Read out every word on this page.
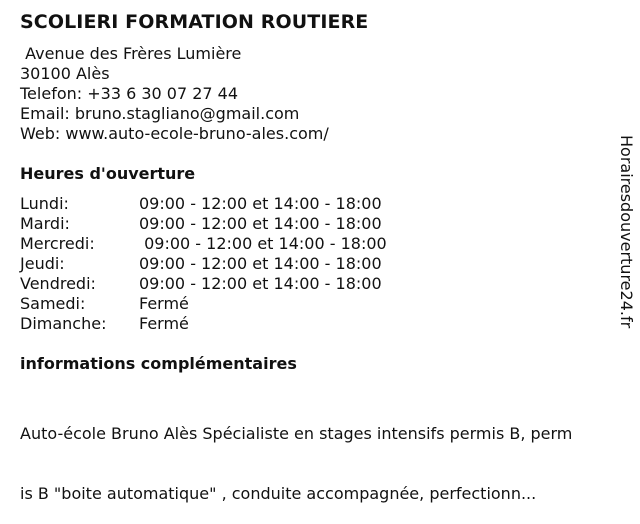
SCOLIERI FORMATION ROUTIERE
Avenue des Frères Lumière
30100 Alès
Telefon: +33 6 30 07 27 44
Email: bruno.stagliano@gmail.com
Web: www.auto-ecole-bruno-ales.com/
Heures d'ouverture

Lundi:

	09:00 - 12:00 et 14:00 - 18:00

Mardi:

	09:00 - 12:00 et 14:00 - 18:00

Mercredi:

	09:00 - 12:00 et 14:00 - 18:00

Jeudi:

	09:00 - 12:00 et 14:00 - 18:00

Vendredi:

	09:00 - 12:00 et 14:00 - 18:00

Samedi:

	Fermé

Dimanche:

Fermé

informations complémentaires

Auto-école Bruno Alès Spécialiste en stages intensifs permis B, perm

is B "boite automatique" , conduite accompagnée, perfectionn...

Horairesdouverture24.fr
